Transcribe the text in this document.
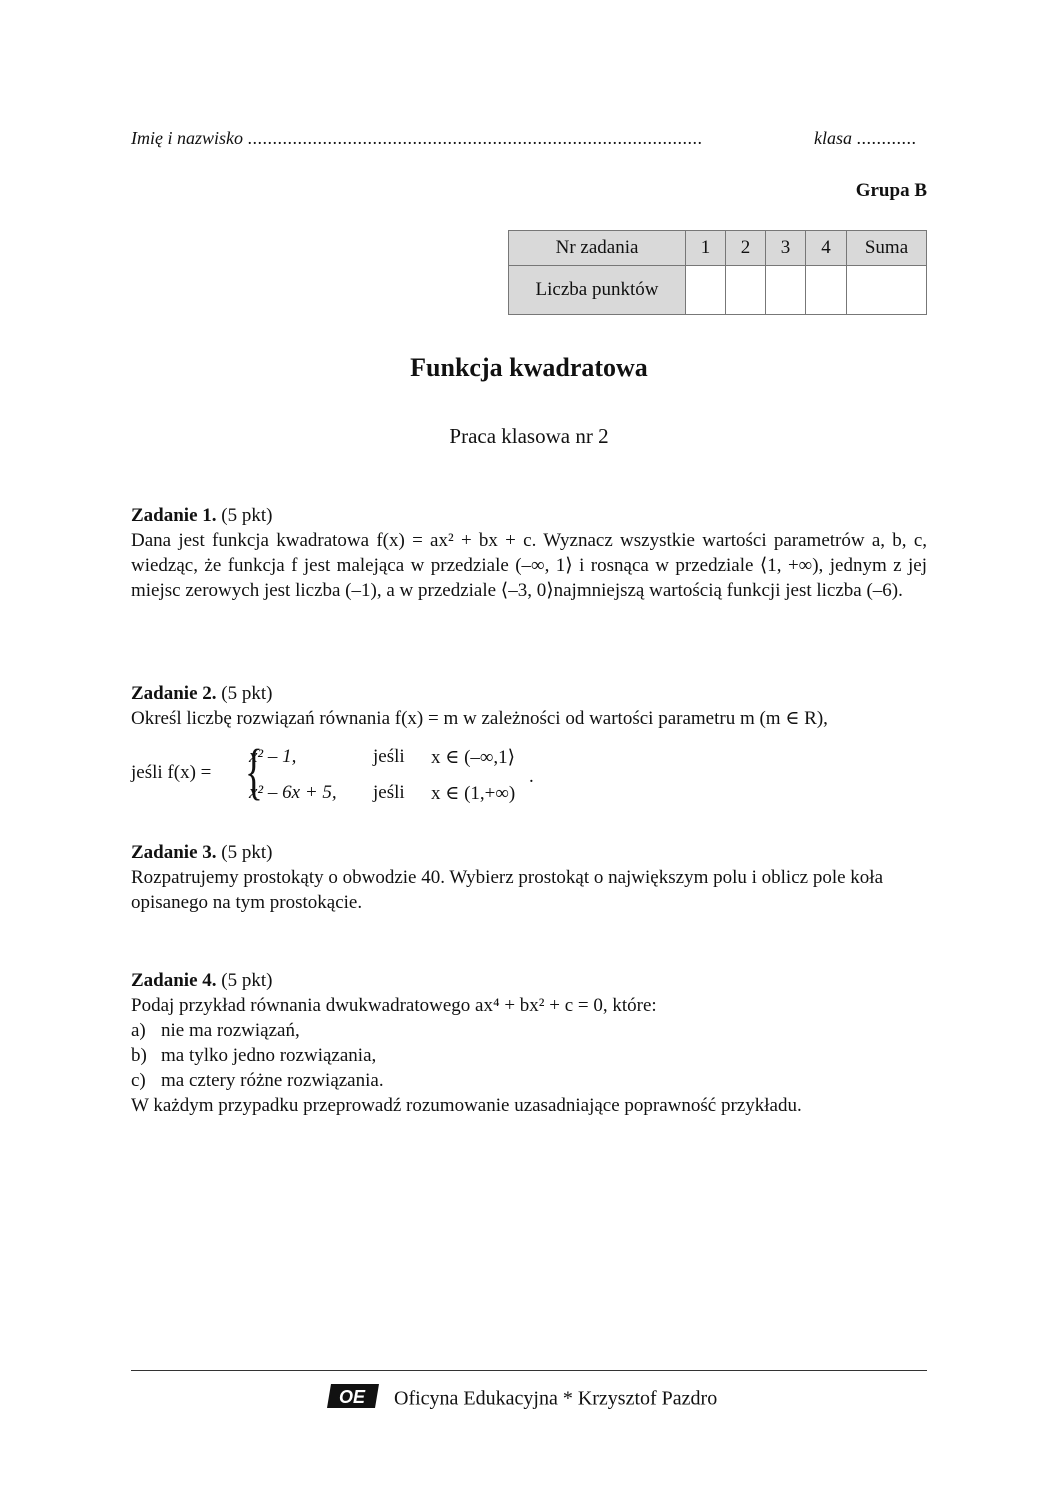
Imię i nazwisko ...........................................................................................	klasa ............
Grupa B
Nr zadania	1	2	3	4	Suma
Liczba punktów					
Funkcja kwadratowa
Praca klasowa nr 2
Zadanie 1. (5 pkt)
Dana jest funkcja kwadratowa f(x) = ax² + bx + c. Wyznacz wszystkie wartości parametrów a, b, c, wiedząc, że funkcja f jest malejąca w przedziale (–∞, 1⟩ i rosnąca w przedziale ⟨1, +∞), jednym z jej miejsc zerowych jest liczba (–1), a w przedziale ⟨–3, 0⟩najmniejszą wartością funkcji jest liczba (–6).
Zadanie 2. (5 pkt)
Określ liczbę rozwiązań równania f(x) = m w zależności od wartości parametru m (m ∈ R),
jeśli f(x) = {
x² – 1,	jeśli x ∈ (–∞,1⟩
x² – 6x + 5, jeśli x ∈ (1,+∞)
.
Zadanie 3. (5 pkt)
Rozpatrujemy prostokąty o obwodzie 40. Wybierz prostokąt o największym polu i oblicz pole koła opisanego na tym prostokącie.
Zadanie 4. (5 pkt)
Podaj przykład równania dwukwadratowego ax⁴ + bx² + c = 0, które:
a) nie ma rozwiązań,
b) ma tylko jedno rozwiązania,
c) ma cztery różne rozwiązania.
W każdym przypadku przeprowadź rozumowanie uzasadniające poprawność przykładu.
OE Oficyna Edukacyjna * Krzysztof Pazdro
